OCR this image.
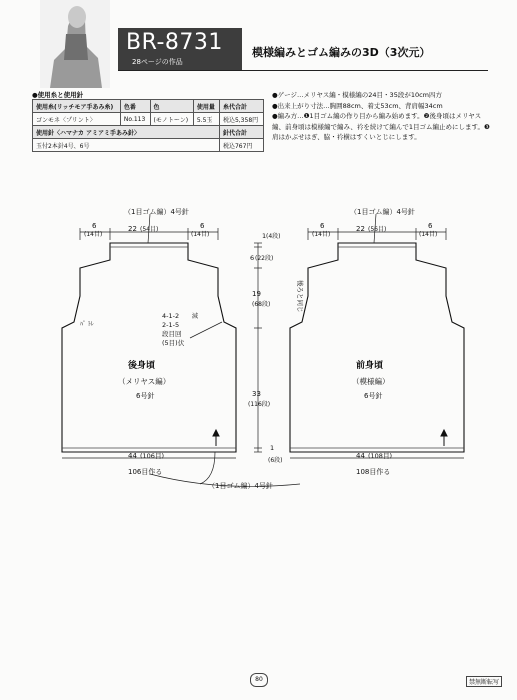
BR-8731
28ページの作品
模様編みとゴム編みの3D（3次元）
●使用糸と使用針
使用糸(リッチモア手あみ糸)	色番	色	使用量	糸代合計
ゴンモネ〈プリント〉	No.113	(モノトーン)	5.5玉	税込5,358円
使用針〈ハマナカ アミアミ手あみ針〉				針代合計
玉付2本針4号、6号				税込767円
●ゲージ…メリヤス編・模様編の24目・35段が10cm四方
●出来上がり寸法…胸囲88cm、着丈53cm、背肩幅34cm
●編み方…❶1目ゴム編の作り目から編み始めます。❷後身頃はメリヤス編、前身頃は模様編で編み、衿を続けて編んで1目ゴム編止めにします。❸肩はかぶせはぎ、脇・衿横はすくいとじにします。
（1目ゴム編）4号針
6
(14目)
22 (54目)	6
(14目)
ﾊﾟ ﾄﾚ
4-1-2
2-1-5
段目回
(5目)伏
減
後身頃
（メリヤス編）
6号針
44 (106目)
106目作る
1 (4段)
6 (22段)
19
(68段)
33
(116段)
1
(6段)
（1目ゴム編）4号針
6
(14目)
22 (56目)	6
(14目)
後ろと同じ
前身頃
（模様編）
6号針
44 (108目)
108目作る
（1目ゴム編）4号針
80	禁無断転写
